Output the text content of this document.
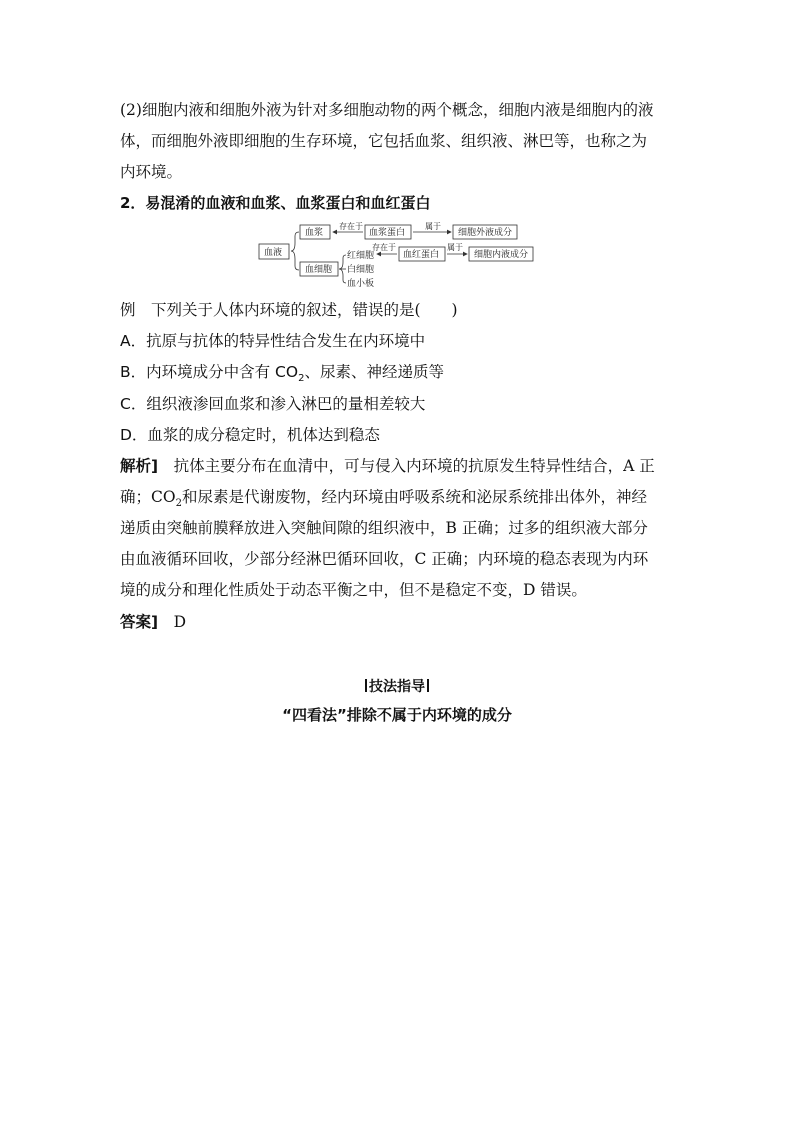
(2)细胞内液和细胞外液为针对多细胞动物的两个概念，细胞内液是细胞内的液
体，而细胞外液即细胞的生存环境，它包括血浆、组织液、淋巴等，也称之为
内环境。
2．易混淆的血液和血浆、血浆蛋白和血红蛋白
血液
血浆
存在于
血浆蛋白
属于
细胞外液成分
血细胞
红细胞
白细胞
血小板
存在于
血红蛋白
属于
细胞内液成分
例　下列关于人体内环境的叙述，错误的是(　　)
A．抗原与抗体的特异性结合发生在内环境中
B．内环境成分中含有 $CO_2$、尿素、神经递质等
C．组织液渗回血浆和渗入淋巴的量相差较大
D．血浆的成分稳定时，机体达到稳态
解析]　抗体主要分布在血清中，可与侵入内环境的抗原发生特异性结合，A 正
确；$CO_2$和尿素是代谢废物，经内环境由呼吸系统和泌尿系统排出体外，神经
递质由突触前膜释放进入突触间隙的组织液中，B 正确；过多的组织液大部分
由血液循环回收，少部分经淋巴循环回收，C 正确；内环境的稳态表现为内环
境的成分和理化性质处于动态平衡之中，但不是稳定不变，D 错误。
答案]　D
技法指导
“四看法”排除不属于内环境的成分
